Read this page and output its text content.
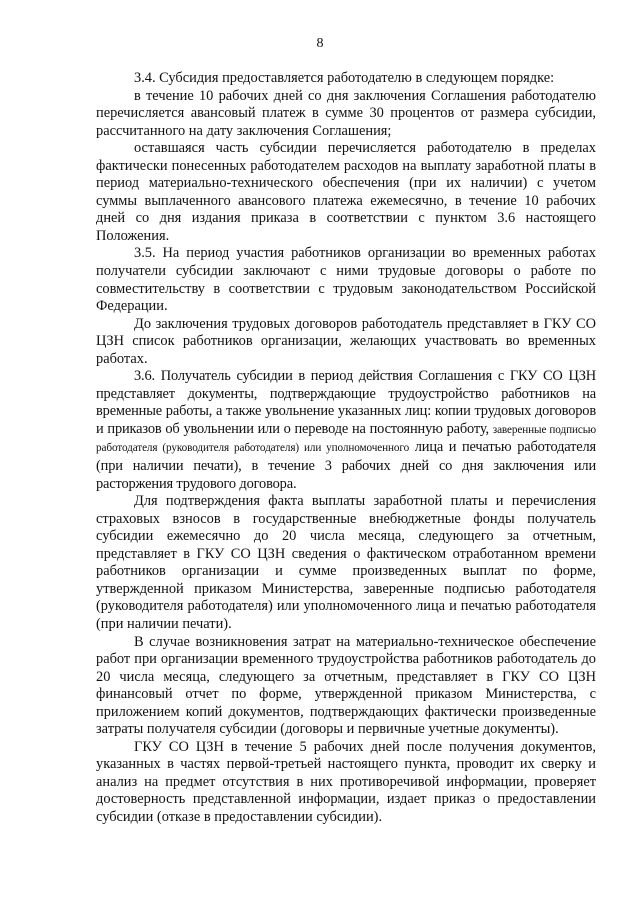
8

3.4. Субсидия предоставляется работодателю в следующем порядке:

в течение 10 рабочих дней со дня заключения Соглашения работодателю перечисляется авансовый платеж в сумме 30 процентов от размера субсидии, рассчитанного на дату заключения Соглашения;

оставшаяся часть субсидии перечисляется работодателю в пределах фактически понесенных работодателем расходов на выплату заработной платы в период материально-технического обеспечения (при их наличии) с учетом суммы выплаченного авансового платежа ежемесячно, в течение 10 рабочих дней со дня издания приказа в соответствии с пунктом 3.6 настоящего Положения.

3.5. На период участия работников организации во временных работах получатели субсидии заключают с ними трудовые договоры о работе по совместительству в соответствии с трудовым законодательством Российской Федерации.

До заключения трудовых договоров работодатель представляет в ГКУ СО ЦЗН список работников организации, желающих участвовать во временных работах.

3.6. Получатель субсидии в период действия Соглашения с ГКУ СО ЦЗН представляет документы, подтверждающие трудоустройство работников на временные работы, а также увольнение указанных лиц: копии трудовых договоров и приказов об увольнении или о переводе на постоянную работу, заверенные подписью работодателя (руководителя работодателя) или уполномоченного лица и печатью работодателя (при наличии печати), в течение 3 рабочих дней со дня заключения или расторжения трудового договора.

Для подтверждения факта выплаты заработной платы и перечисления страховых взносов в государственные внебюджетные фонды получатель субсидии ежемесячно до 20 числа месяца, следующего за отчетным, представляет в ГКУ СО ЦЗН сведения о фактическом отработанном времени работников организации и сумме произведенных выплат по форме, утвержденной приказом Министерства, заверенные подписью работодателя (руководителя работодателя) или уполномоченного лица и печатью работодателя (при наличии печати).

В случае возникновения затрат на материально-техническое обеспечение работ при организации временного трудоустройства работников работодатель до 20 числа месяца, следующего за отчетным, представляет в ГКУ СО ЦЗН финансовый отчет по форме, утвержденной приказом Министерства, с приложением копий документов, подтверждающих фактически произведенные затраты получателя субсидии (договоры и первичные учетные документы).

ГКУ СО ЦЗН в течение 5 рабочих дней после получения документов, указанных в частях первой-третьей настоящего пункта, проводит их сверку и анализ на предмет отсутствия в них противоречивой информации, проверяет достоверность представленной информации, издает приказ о предоставлении субсидии (отказе в предоставлении субсидии).
